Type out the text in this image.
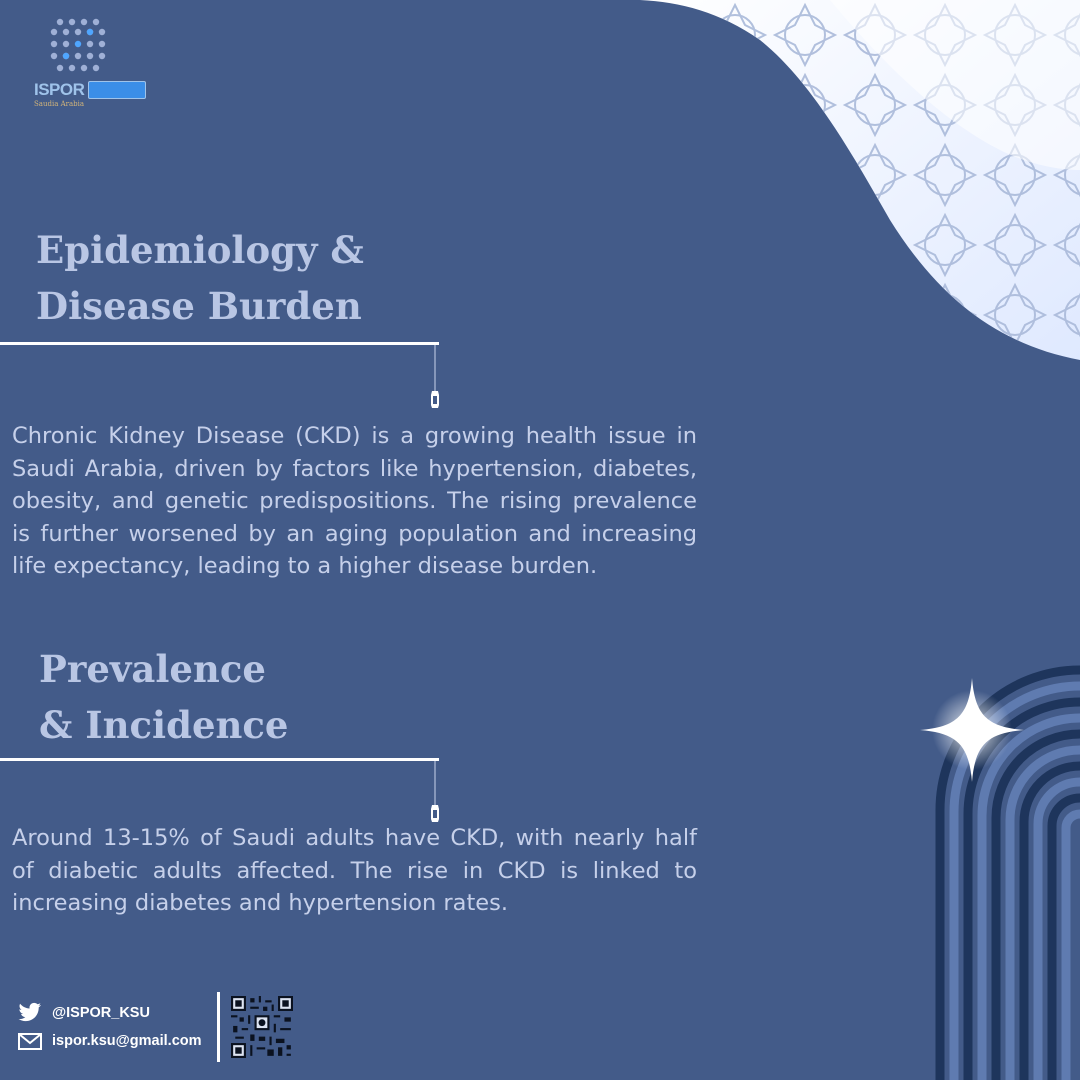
ISPOR
Saudia Arabia
Epidemiology &
Disease Burden

Chronic Kidney Disease (CKD) is a growing health issue in Saudi Arabia, driven by factors like hypertension, diabetes, obesity, and genetic predispositions. The rising prevalence is further worsened by an aging population and increasing life expectancy, leading to a higher disease burden.

Prevalence
& Incidence

Around 13-15% of Saudi adults have CKD, with nearly half of diabetic adults affected. The rise in CKD is linked to increasing diabetes and hypertension rates.

@ISPOR_KSU
ispor.ksu@gmail.com
